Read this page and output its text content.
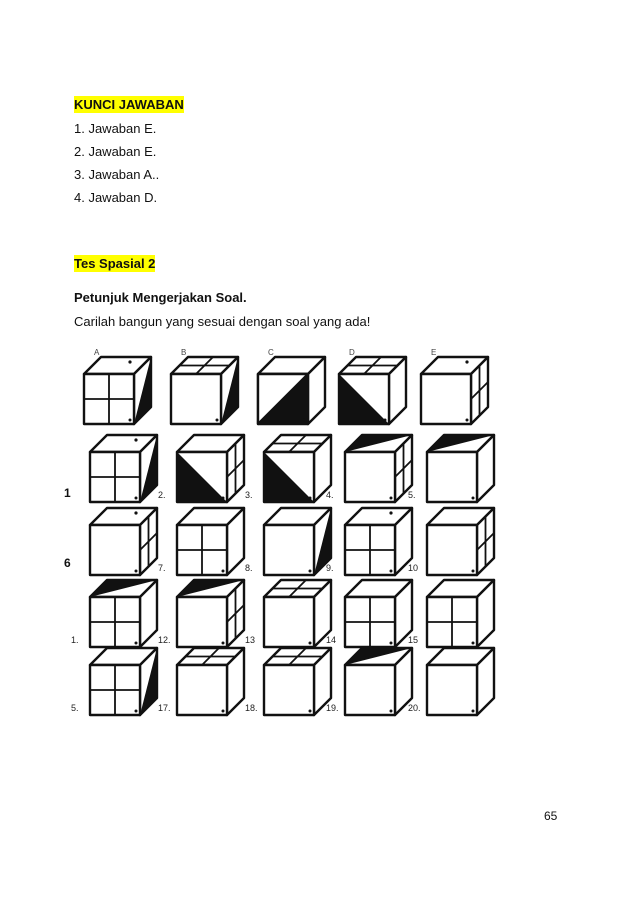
KUNCI JAWABAN
1. Jawaban E.
2. Jawaban E.
3. Jawaban A..
4. Jawaban D.
Tes Spasial 2
Petunjuk Mengerjakan Soal.
Carilah bangun yang sesuai dengan soal yang ada!
A	B	C	D	E
1	2.	3.	4.	5.
6	7.	8.	9.	10
1.	12.	13	14	15
5.	17.	18.	19.	20.
65
